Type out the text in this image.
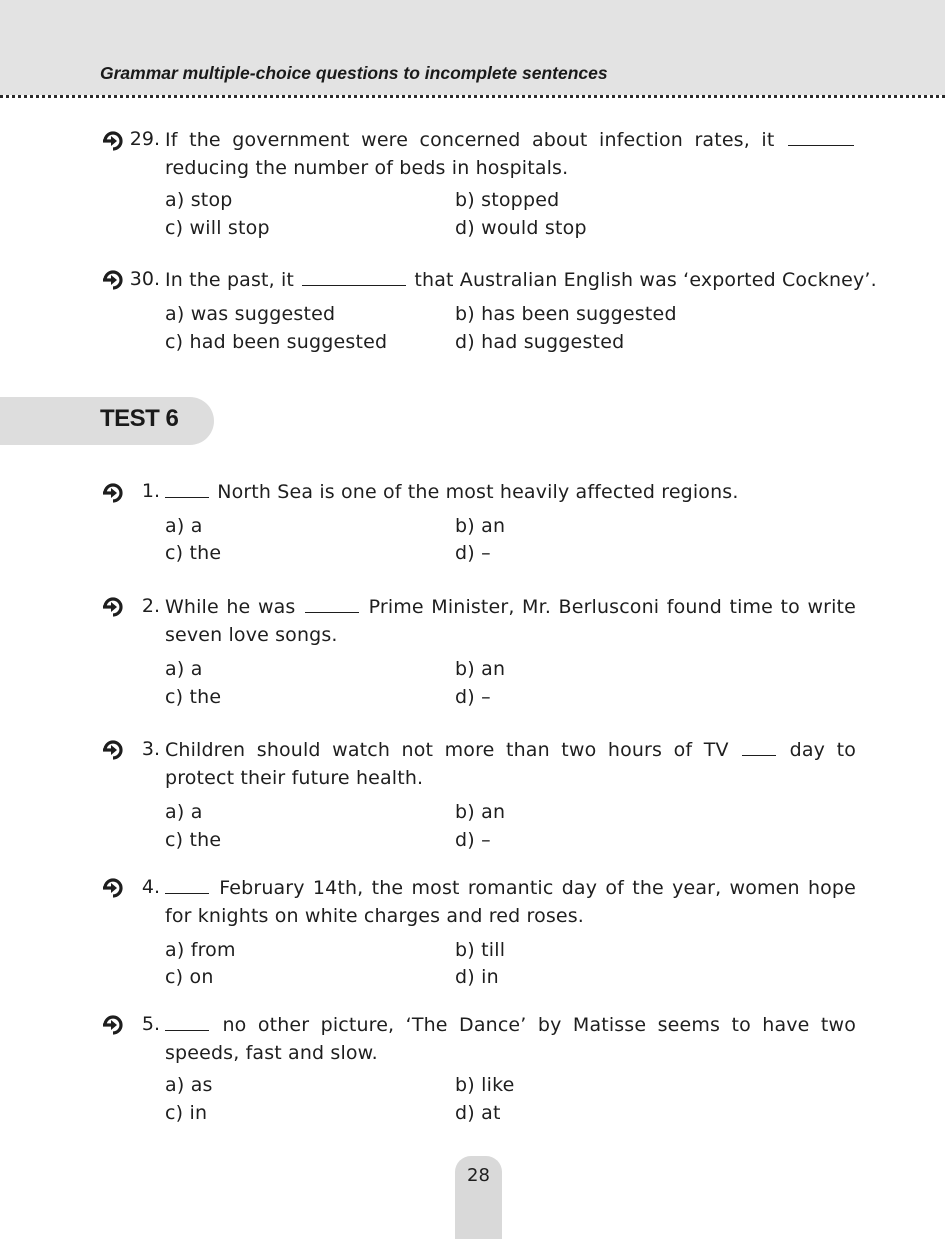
Grammar multiple-choice questions to incomplete sentences
29. If the government were concerned about infection rates, it  reducing the number of beds in hospitals.
a) stop	b) stopped
c) will stop	d) would stop
30. In the past, it	that Australian English was ‘exported Cockney’.
a) was suggested	b) has been suggested
c) had been suggested	d) had suggested
TEST 6
1.	North Sea is one of the most heavily affected regions.
a) a	b) an
c) the	d) –
2. While he was	Prime Minister, Mr. Berlusconi found time to write seven love songs.
a) a	b) an
c) the	d) –
3. Children should watch not more than two hours of TV	day to protect their future health.
a) a	b) an
c) the	d) –
4.	February 14th, the most romantic day of the year, women hope for knights on white charges and red roses.
a) from	b) till
c) on	d) in
5.	no other picture, ‘The Dance’ by Matisse seems to have two speeds, fast and slow.
a) as	b) like
c) in	d) at
28
